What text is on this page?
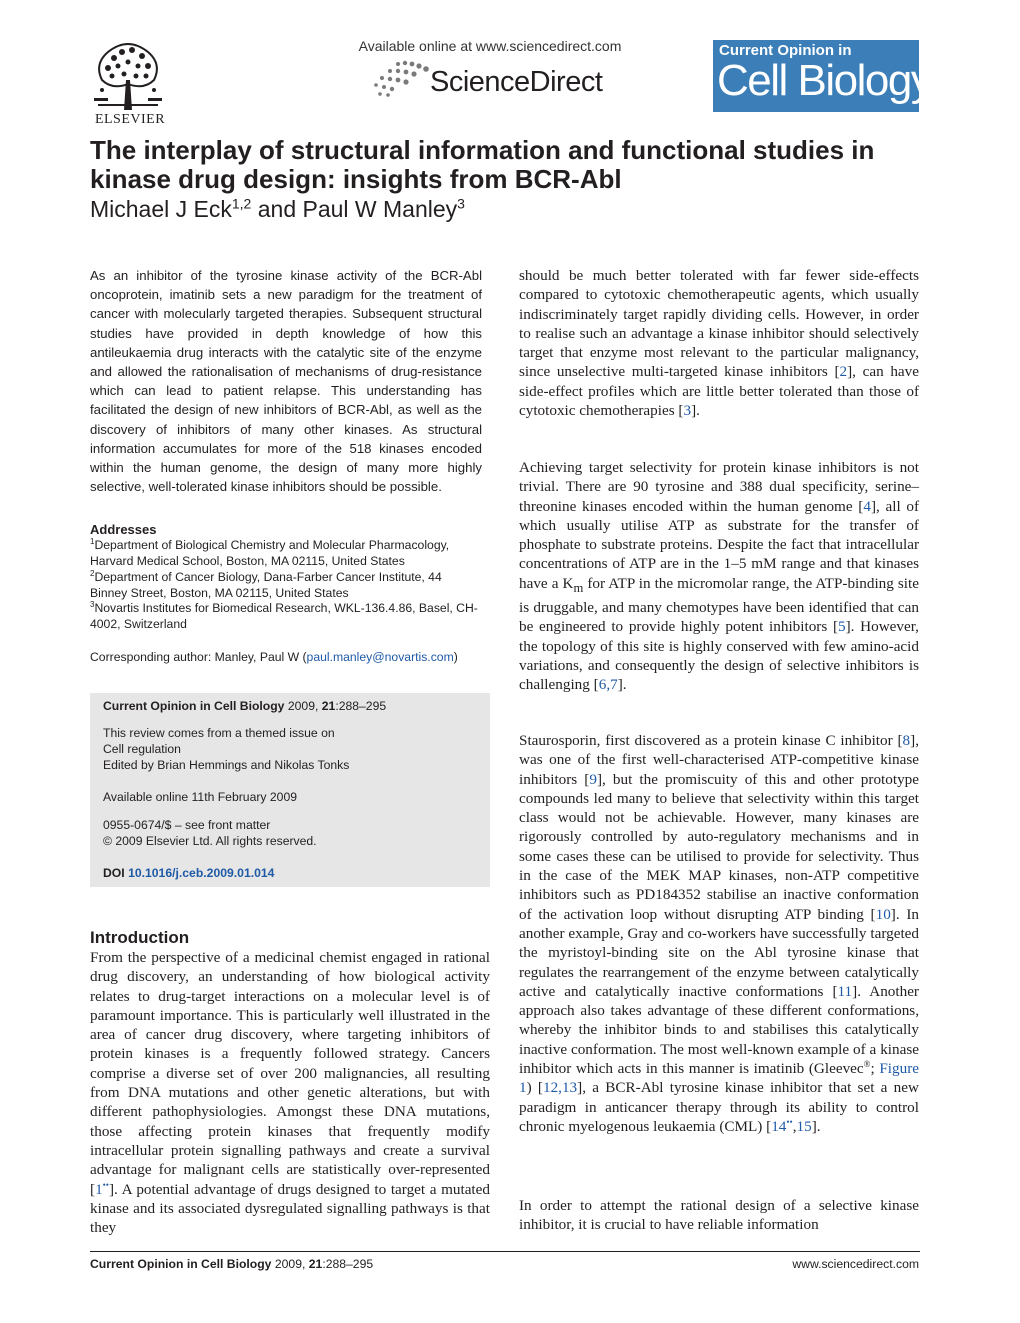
ELSEVIER
Available online at www.sciencedirect.com
ScienceDirect
Current Opinion in
Cell Biology
The interplay of structural information and functional studies in kinase drug design: insights from BCR-Abl
Michael J Eck$^{1,2}$ and Paul W Manley$^3$

As an inhibitor of the tyrosine kinase activity of the BCR-Abl oncoprotein, imatinib sets a new paradigm for the treatment of cancer with molecularly targeted therapies. Subsequent structural studies have provided in depth knowledge of how this antileukaemia drug interacts with the catalytic site of the enzyme and allowed the rationalisation of mechanisms of drug-resistance which can lead to patient relapse. This understanding has facilitated the design of new inhibitors of BCR-Abl, as well as the discovery of inhibitors of many other kinases. As structural information accumulates for more of the 518 kinases encoded within the human genome, the design of many more highly selective, well-tolerated kinase inhibitors should be possible.

Addresses
$^1$Department of Biological Chemistry and Molecular Pharmacology, Harvard Medical School, Boston, MA 02115, United States
$^2$Department of Cancer Biology, Dana-Farber Cancer Institute, 44 Binney Street, Boston, MA 02115, United States
$^3$Novartis Institutes for Biomedical Research, WKL-136.4.86, Basel, CH-4002, Switzerland
Corresponding author: Manley, Paul W (paul.manley@novartis.com)
Current Opinion in Cell Biology 2009, 21:288–295
This review comes from a themed issue on
Cell regulation
Edited by Brian Hemmings and Nikolas Tonks
Available online 11th February 2009
0955-0674/$ – see front matter
© 2009 Elsevier Ltd. All rights reserved.
DOI 10.1016/j.ceb.2009.01.014
Introduction

From the perspective of a medicinal chemist engaged in rational drug discovery, an understanding of how biological activity relates to drug-target interactions on a molecular level is of paramount importance. This is particularly well illustrated in the area of cancer drug discovery, where targeting inhibitors of protein kinases is a frequently followed strategy. Cancers comprise a diverse set of over 200 malignancies, all resulting from DNA mutations and other genetic alterations, but with different pathophysiologies. Amongst these DNA mutations, those affecting protein kinases that frequently modify intracellular protein signalling pathways and create a survival advantage for malignant cells are statistically over-represented [1••]. A potential advantage of drugs designed to target a mutated kinase and its associated dysregulated signalling pathways is that they

should be much better tolerated with far fewer side-effects compared to cytotoxic chemotherapeutic agents, which usually indiscriminately target rapidly dividing cells. However, in order to realise such an advantage a kinase inhibitor should selectively target that enzyme most relevant to the particular malignancy, since unselective multi-targeted kinase inhibitors [2], can have side-effect profiles which are little better tolerated than those of cytotoxic chemotherapies [3].

Achieving target selectivity for protein kinase inhibitors is not trivial. There are 90 tyrosine and 388 dual specificity, serine–threonine kinases encoded within the human genome [4], all of which usually utilise ATP as substrate for the transfer of phosphate to substrate proteins. Despite the fact that intracellular concentrations of ATP are in the 1–5 mM range and that kinases have a $K_m$ for ATP in the micromolar range, the ATP-binding site is druggable, and many chemotypes have been identified that can be engineered to provide highly potent inhibitors [5]. However, the topology of this site is highly conserved with few amino-acid variations, and consequently the design of selective inhibitors is challenging [6,7].

Staurosporin, first discovered as a protein kinase C inhibitor [8], was one of the first well-characterised ATP-competitive kinase inhibitors [9], but the promiscuity of this and other prototype compounds led many to believe that selectivity within this target class would not be achievable. However, many kinases are rigorously controlled by auto-regulatory mechanisms and in some cases these can be utilised to provide for selectivity. Thus in the case of the MEK MAP kinases, non-ATP competitive inhibitors such as PD184352 stabilise an inactive conformation of the activation loop without disrupting ATP binding [10]. In another example, Gray and co-workers have successfully targeted the myristoyl-binding site on the Abl tyrosine kinase that regulates the rearrangement of the enzyme between catalytically active and catalytically inactive conformations [11]. Another approach also takes advantage of these different conformations, whereby the inhibitor binds to and stabilises this catalytically inactive conformation. The most well-known example of a kinase inhibitor which acts in this manner is imatinib (Gleevec®; Figure 1) [12,13], a BCR-Abl tyrosine kinase inhibitor that set a new paradigm in anticancer therapy through its ability to control chronic myelogenous leukaemia (CML) [14••,15].

In order to attempt the rational design of a selective kinase inhibitor, it is crucial to have reliable information

Current Opinion in Cell Biology 2009, 21:288–295	www.sciencedirect.com
